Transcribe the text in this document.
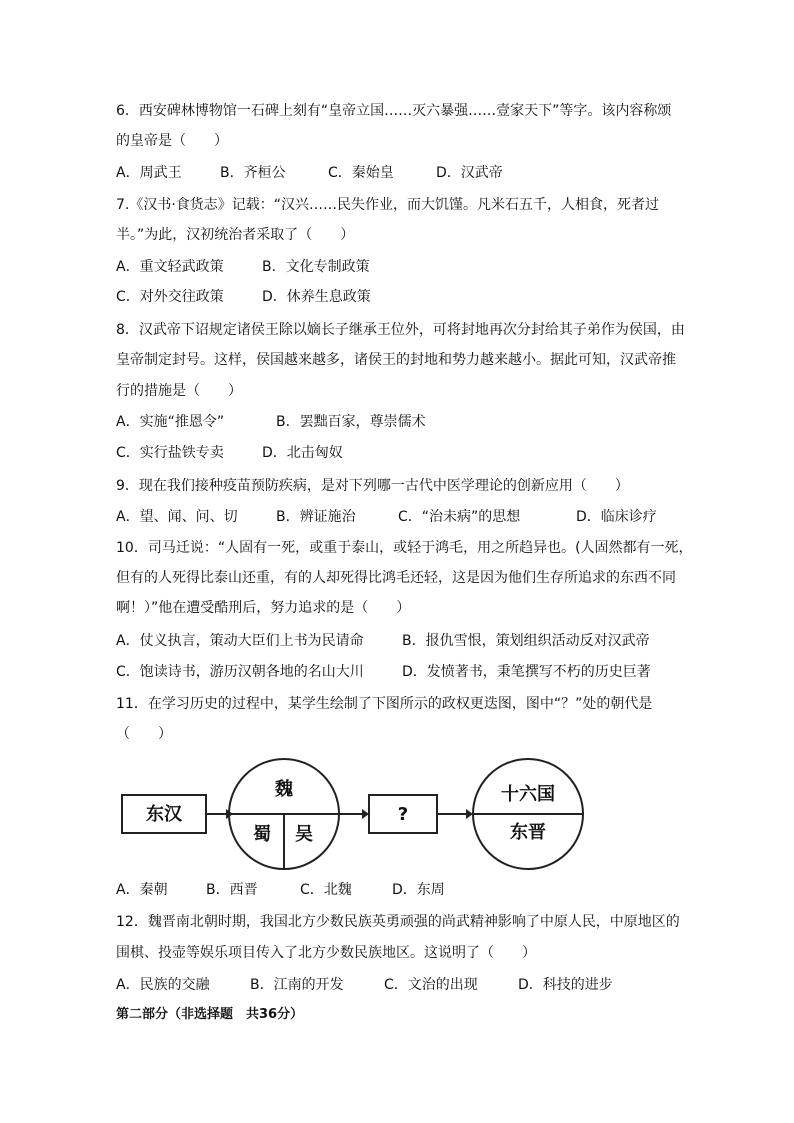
6．西安碑林博物馆一石碑上刻有“皇帝立国……灭六暴强……壹家天下”等字。该内容称颂

的皇帝是（　　）

A．周武王	B．齐桓公	C．秦始皇	D．汉武帝

7.《汉书·食货志》记载：“汉兴……民失作业，而大饥馑。凡米石五千，人相食，死者过

半。”为此，汉初统治者采取了（　　）

A．重文轻武政策	B．文化专制政策
C．对外交往政策	D．休养生息政策

8．汉武帝下诏规定诸侯王除以嫡长子继承王位外，可将封地再次分封给其子弟作为侯国，由

皇帝制定封号。这样，侯国越来越多，诸侯王的封地和势力越来越小。据此可知，汉武帝推

行的措施是（　　）

A．实施“推恩令”	B．罢黜百家，尊崇儒术
C．实行盐铁专卖	D．北击匈奴

9．现在我们接种疫苗预防疾病，是对下列哪一古代中医学理论的创新应用（　　）

A．望、闻、问、切	B．辨证施治	C．“治未病”的思想	D．临床诊疗

10．司马迁说：“人固有一死，或重于泰山，或轻于鸿毛，用之所趋异也。(人固然都有一死，

但有的人死得比泰山还重，有的人却死得比鸿毛还轻，这是因为他们生存所追求的东西不同

啊！）”他在遭受酷刑后，努力追求的是（　　）

A．仗义执言，策动大臣们上书为民请命	B．报仇雪恨，策划组织活动反对汉武帝
C．饱读诗书，游历汉朝各地的名山大川	D．发愤著书，秉笔撰写不朽的历史巨著

11．在学习历史的过程中，某学生绘制了下图所示的政权更迭图，图中“？”处的朝代是

（　　）

东汉
魏
蜀 吴
?
十六国
东晋
A．秦朝	B．西晋	C．北魏	D．东周

12．魏晋南北朝时期，我国北方少数民族英勇顽强的尚武精神影响了中原人民，中原地区的

围棋、投壶等娱乐项目传入了北方少数民族地区。这说明了（　　）

A．民族的交融	B．江南的开发	C．文治的出现	D．科技的进步

第二部分（非选择题　共36分）
